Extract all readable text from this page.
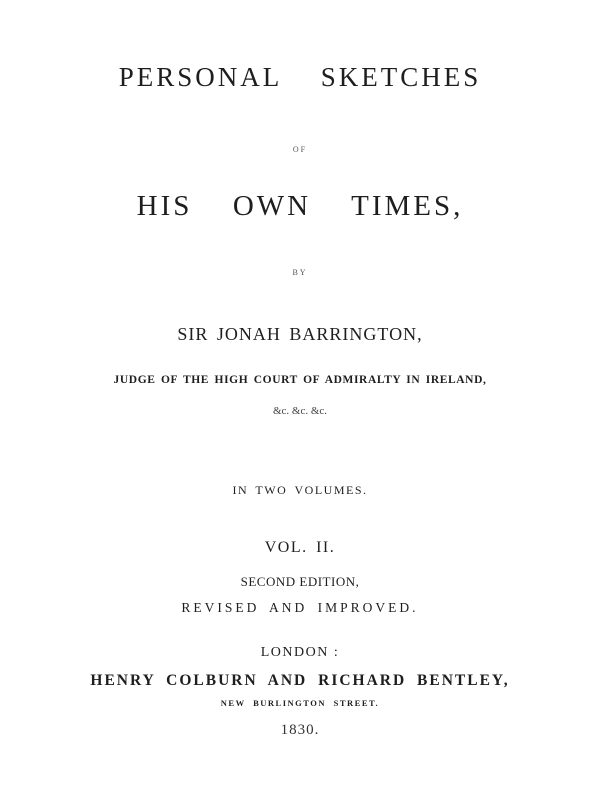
PERSONAL  SKETCHES
OF
HIS  OWN  TIMES,
BY
SIR JONAH BARRINGTON,
JUDGE OF THE HIGH COURT OF ADMIRALTY IN IRELAND,
&c. &c. &c.
IN TWO VOLUMES.
VOL. II.
SECOND EDITION,
REVISED AND IMPROVED.
LONDON :
HENRY COLBURN AND RICHARD BENTLEY,
NEW BURLINGTON STREET.
1830.
